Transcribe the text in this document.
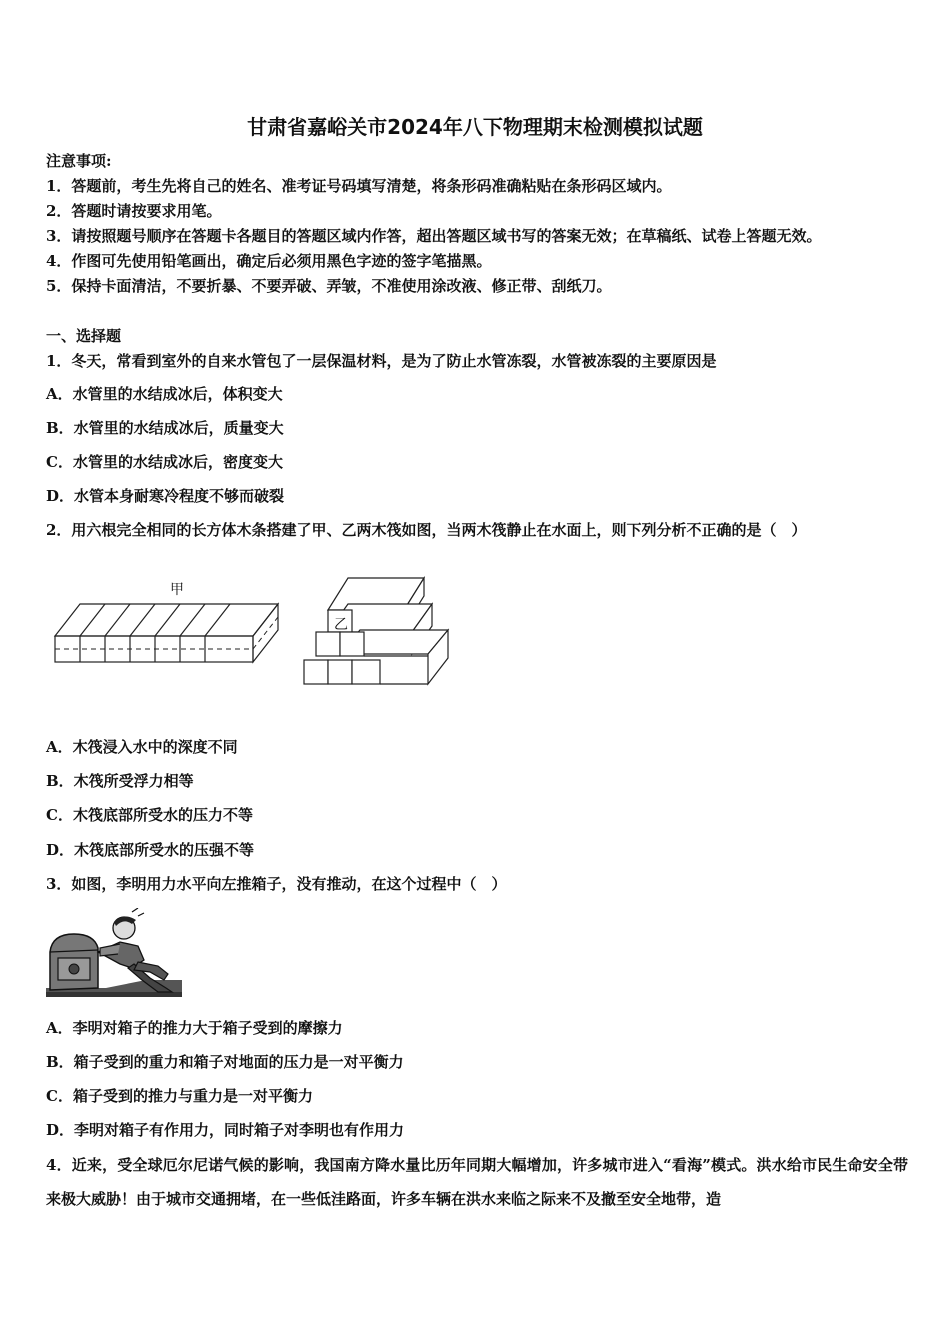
甘肃省嘉峪关市2024年八下物理期末检测模拟试题
注意事项:
1．答题前，考生先将自己的姓名、准考证号码填写清楚，将条形码准确粘贴在条形码区域内。
2．答题时请按要求用笔。
3．请按照题号顺序在答题卡各题目的答题区域内作答，超出答题区域书写的答案无效；在草稿纸、试卷上答题无效。
4．作图可先使用铅笔画出，确定后必须用黑色字迹的签字笔描黑。
5．保持卡面清洁，不要折暴、不要弄破、弄皱，不准使用涂改液、修正带、刮纸刀。
一、选择题
1．冬天，常看到室外的自来水管包了一层保温材料，是为了防止水管冻裂，水管被冻裂的主要原因是
A．水管里的水结成冰后，体积变大
B．水管里的水结成冰后，质量变大
C．水管里的水结成冰后，密度变大
D．水管本身耐寒冷程度不够而破裂
2．用六根完全相同的长方体木条搭建了甲、乙两木筏如图，当两木筏静止在水面上，则下列分析不正确的是（　）
甲
乙
A．木筏浸入水中的深度不同
B．木筏所受浮力相等
C．木筏底部所受水的压力不等
D．木筏底部所受水的压强不等
3．如图，李明用力水平向左推箱子，没有推动，在这个过程中（　）
A．李明对箱子的推力大于箱子受到的摩擦力
B．箱子受到的重力和箱子对地面的压力是一对平衡力
C．箱子受到的推力与重力是一对平衡力
D．李明对箱子有作用力，同时箱子对李明也有作用力
4．近来，受全球厄尔尼诺气候的影响，我国南方降水量比历年同期大幅增加，许多城市进入“看海”模式。洪水给市民生命安全带来极大威胁！由于城市交通拥堵，在一些低洼路面，许多车辆在洪水来临之际来不及撤至安全地带，造
